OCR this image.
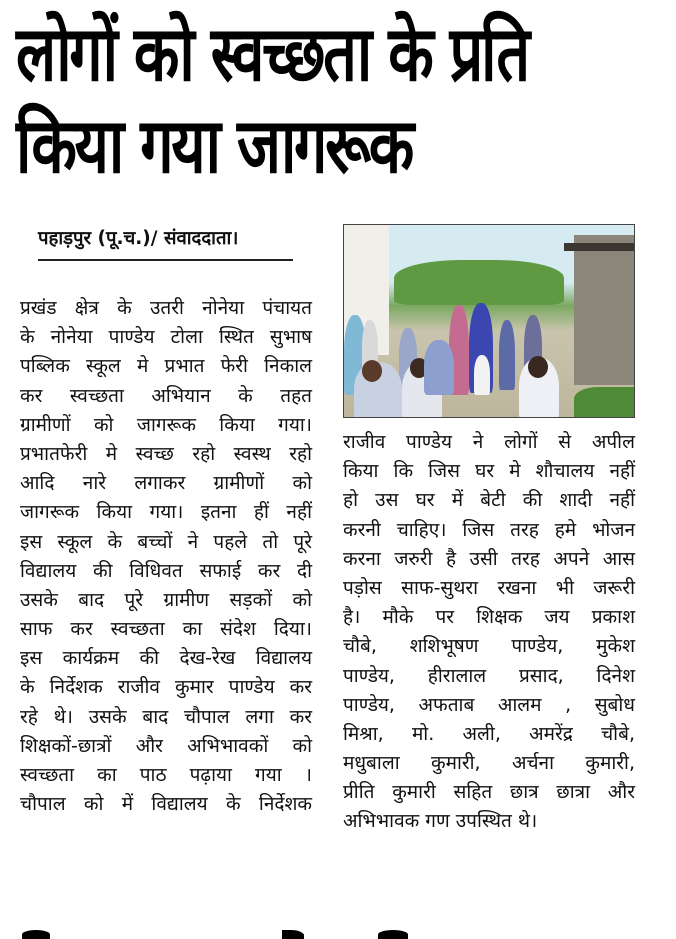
लोगों को स्वच्छता के प्रति
किया गया जागरूक
पहाड़पुर (पू.च.)/ संवाददाता।
प्रखंड क्षेत्र के उतरी नोनेया पंचायत
के नोनेया पाण्डेय टोला स्थित सुभाष
पब्लिक स्कूल मे प्रभात फेरी निकाल
कर स्वच्छता अभियान के तहत
ग्रामीणों को जागरूक किया गया।
प्रभातफेरी मे स्वच्छ रहो स्वस्थ रहो
आदि नारे लगाकर ग्रामीणों को
जागरूक किया गया। इतना हीं नहीं
इस स्कूल के बच्चों ने पहले तो पूरे
विद्यालय की विधिवत सफाई कर दी
उसके बाद पूरे ग्रामीण सड़कों को
साफ कर स्वच्छता का संदेश दिया।
इस कार्यक्रम की देख-रेख विद्यालय
के निर्देशक राजीव कुमार पाण्डेय कर
रहे थे। उसके बाद चौपाल लगा कर
शिक्षकों-छात्रों और अभिभावकों को
स्वच्छता का पाठ पढ़ाया गया ।
चौपाल को में विद्यालय के निर्देशक
राजीव पाण्डेय ने लोगों से अपील
किया कि जिस घर मे शौचालय नहीं
हो उस घर में बेटी की शादी नहीं
करनी चाहिए। जिस तरह हमे भोजन
करना जरुरी है उसी तरह अपने आस
पड़ोस साफ-सुथरा रखना भी जरूरी
है। मौके पर शिक्षक जय प्रकाश
चौबे, शशिभूषण पाण्डेय, मुकेश
पाण्डेय, हीरालाल प्रसाद, दिनेश
पाण्डेय, अफताब आलम , सुबोध
मिश्रा, मो. अली, अमरेंद्र चौबे,
मधुबाला कुमारी, अर्चना कुमारी,
प्रीति कुमारी सहित छात्र छात्रा और
अभिभावक गण उपस्थित थे।
